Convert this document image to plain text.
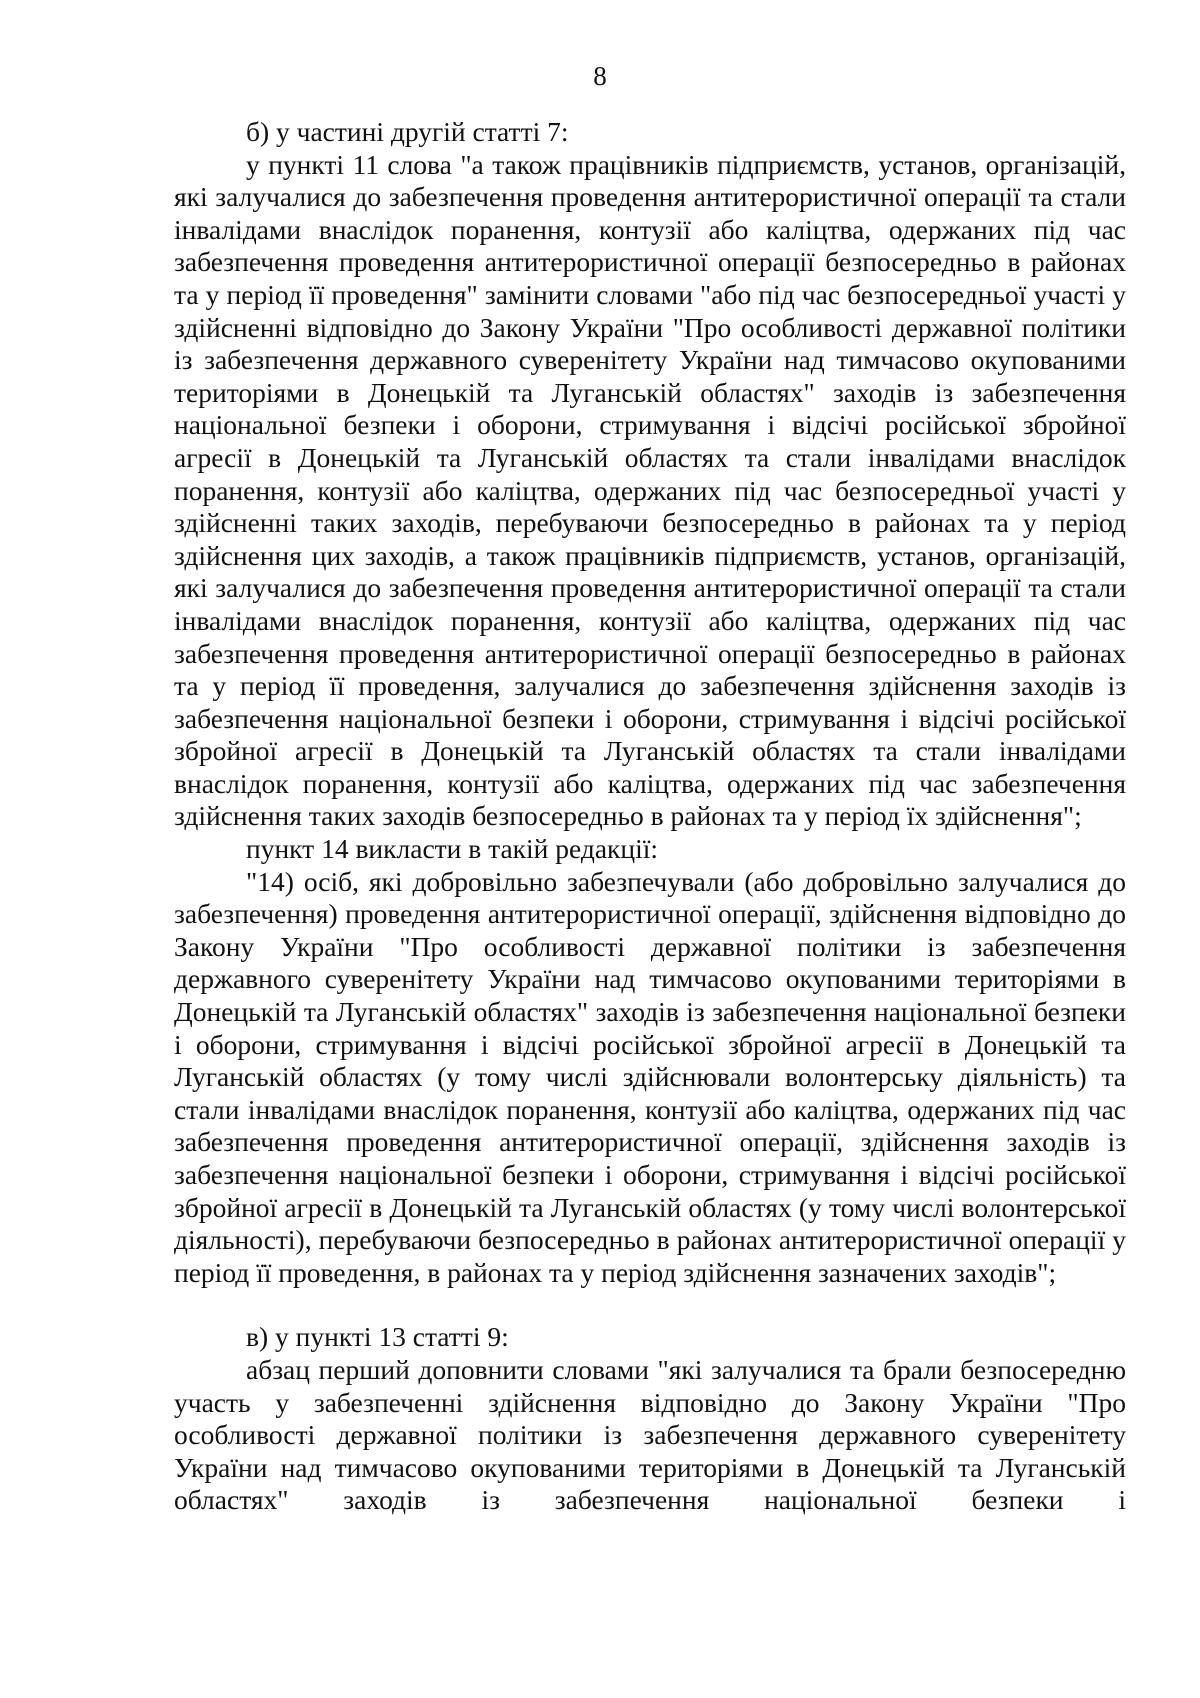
8

б) у частині другій статті 7:

у пункті 11 слова "а також працівників підприємств, установ, організацій, які залучалися до забезпечення проведення антитерористичної операції та стали інвалідами внаслідок поранення, контузії або каліцтва, одержаних під час забезпечення проведення антитерористичної операції безпосередньо в районах та у період її проведення" замінити словами "або під час безпосередньої участі у здійсненні відповідно до Закону України "Про особливості державної політики із забезпечення державного суверенітету України над тимчасово окупованими територіями в Донецькій та Луганській областях" заходів із забезпечення національної безпеки і оборони, стримування і відсічі російської збройної агресії в Донецькій та Луганській областях та стали інвалідами внаслідок поранення, контузії або каліцтва, одержаних під час безпосередньої участі у здійсненні таких заходів, перебуваючи безпосередньо в районах та у період здійснення цих заходів, а також працівників підприємств, установ, організацій, які залучалися до забезпечення проведення антитерористичної операції та стали інвалідами внаслідок поранення, контузії або каліцтва, одержаних під час забезпечення проведення антитерористичної операції безпосередньо в районах та у період її проведення, залучалися до забезпечення здійснення заходів із забезпечення національної безпеки і оборони, стримування і відсічі російської збройної агресії в Донецькій та Луганській областях та стали інвалідами внаслідок поранення, контузії або каліцтва, одержаних під час забезпечення здійснення таких заходів безпосередньо в районах та у період їх здійснення";

пункт 14 викласти в такій редакції:

"14) осіб, які добровільно забезпечували (або добровільно залучалися до забезпечення) проведення антитерористичної операції, здійснення відповідно до Закону України "Про особливості державної політики із забезпечення державного суверенітету України над тимчасово окупованими територіями в Донецькій та Луганській областях" заходів із забезпечення національної безпеки і оборони, стримування і відсічі російської збройної агресії в Донецькій та Луганській областях (у тому числі здійснювали волонтерську діяльність) та стали інвалідами внаслідок поранення, контузії або каліцтва, одержаних під час забезпечення проведення антитерористичної операції, здійснення заходів із забезпечення національної безпеки і оборони, стримування і відсічі російської збройної агресії в Донецькій та Луганській областях (у тому числі волонтерської діяльності), перебуваючи безпосередньо в районах антитерористичної операції у період її проведення, в районах та у період здійснення зазначених заходів";

в) у пункті 13 статті 9:

абзац перший доповнити словами "які залучалися та брали безпосередню участь у забезпеченні здійснення відповідно до Закону України "Про особливості державної політики із забезпечення державного суверенітету України над тимчасово окупованими територіями в Донецькій та Луганській областях" заходів із забезпечення національної безпеки і
